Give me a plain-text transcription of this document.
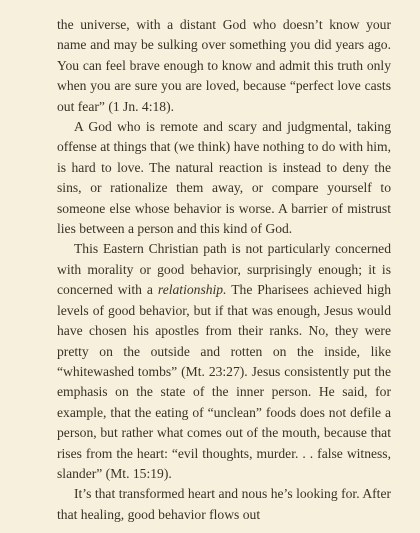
the universe, with a distant God who doesn’t know your name and may be sulking over something you did years ago. You can feel brave enough to know and admit this truth only when you are sure you are loved, because “perfect love casts out fear” (1 Jn. 4:18).

A God who is remote and scary and judgmental, taking offense at things that (we think) have nothing to do with him, is hard to love. The natural reaction is instead to deny the sins, or rationalize them away, or compare yourself to someone else whose behavior is worse. A barrier of mistrust lies between a person and this kind of God.

This Eastern Christian path is not particularly concerned with morality or good behavior, surprisingly enough; it is concerned with a relationship. The Pharisees achieved high levels of good behavior, but if that was enough, Jesus would have chosen his apostles from their ranks. No, they were pretty on the outside and rotten on the inside, like “whitewashed tombs” (Mt. 23:27). Jesus consistently put the emphasis on the state of the inner person. He said, for example, that the eating of “unclean” foods does not defile a person, but rather what comes out of the mouth, because that rises from the heart: “evil thoughts, murder. . . false witness, slander” (Mt. 15:19).

It’s that transformed heart and nous he’s looking for. After that healing, good behavior flows out
